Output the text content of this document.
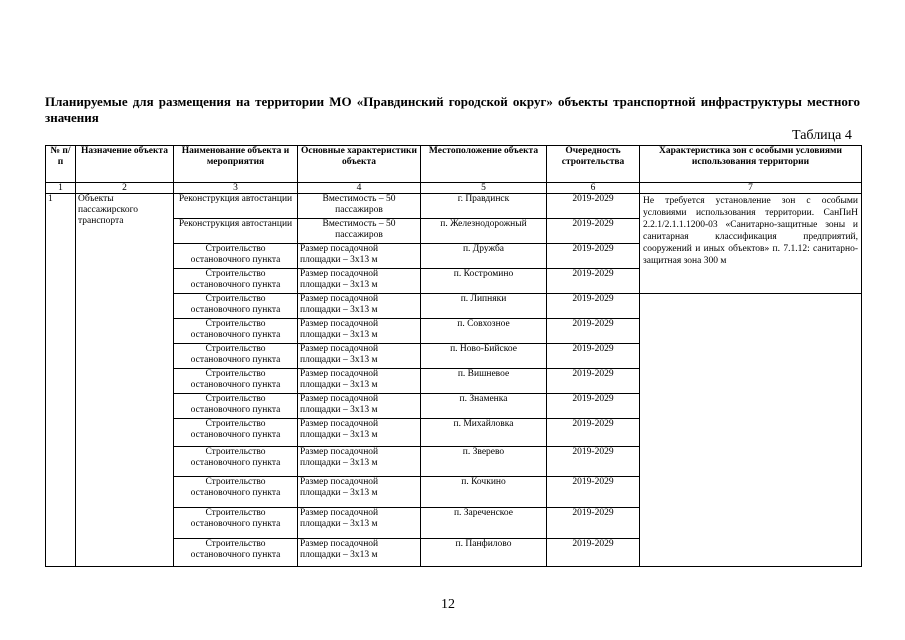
Планируемые для размещения на территории МО «Правдинский городской округ» объекты транспортной инфраструктуры местного значения
Таблица 4
№ п/п	Назначение объекта	Наименование объекта и мероприятия	Основные характеристики объекта	Местоположение объекта	Очередность строительства	Характеристика зон с особыми условиями использования территории
1	2	3	4	5	6	7
1	Объекты пассажирского транспорта	Реконструкция автостанции	Вместимость – 50 пассажиров	г. Правдинск	2019-2029	Не требуется установление зон с особыми условиями использования территории. СанПиН 2.2.1/2.1.1.1200-03 «Санитарно-защитные зоны и санитарная классификация предприятий, сооружений и иных объектов» п. 7.1.12: санитарно-защитная зона 300 м
		Реконструкция автостанции	Вместимость – 50 пассажиров	п. Железнодорожный	2019-2029	
		Строительство остановочного пункта	Размер посадочной площадки – 3х13 м	п. Дружба	2019-2029	
		Строительство остановочного пункта	Размер посадочной площадки – 3х13 м	п. Костромино	2019-2029	
		Строительство остановочного пункта	Размер посадочной площадки – 3х13 м	п. Липняки	2019-2029	
		Строительство остановочного пункта	Размер посадочной площадки – 3х13 м	п. Совхозное	2019-2029	
		Строительство остановочного пункта	Размер посадочной площадки – 3х13 м	п. Ново-Бийское	2019-2029	
		Строительство остановочного пункта	Размер посадочной площадки – 3х13 м	п. Вишневое	2019-2029	
		Строительство остановочного пункта	Размер посадочной площадки – 3х13 м	п. Знаменка	2019-2029	
		Строительство остановочного пункта	Размер посадочной площадки – 3х13 м	п. Михайловка	2019-2029	
		Строительство остановочного пункта	Размер посадочной площадки – 3х13 м	п. Зверево	2019-2029	
		Строительство остановочного пункта	Размер посадочной площадки – 3х13 м	п. Кочкино	2019-2029	
		Строительство остановочного пункта	Размер посадочной площадки – 3х13 м	п. Зареченское	2019-2029	
		Строительство остановочного пункта	Размер посадочной площадки – 3х13 м	п. Панфилово	2019-2029	
12
